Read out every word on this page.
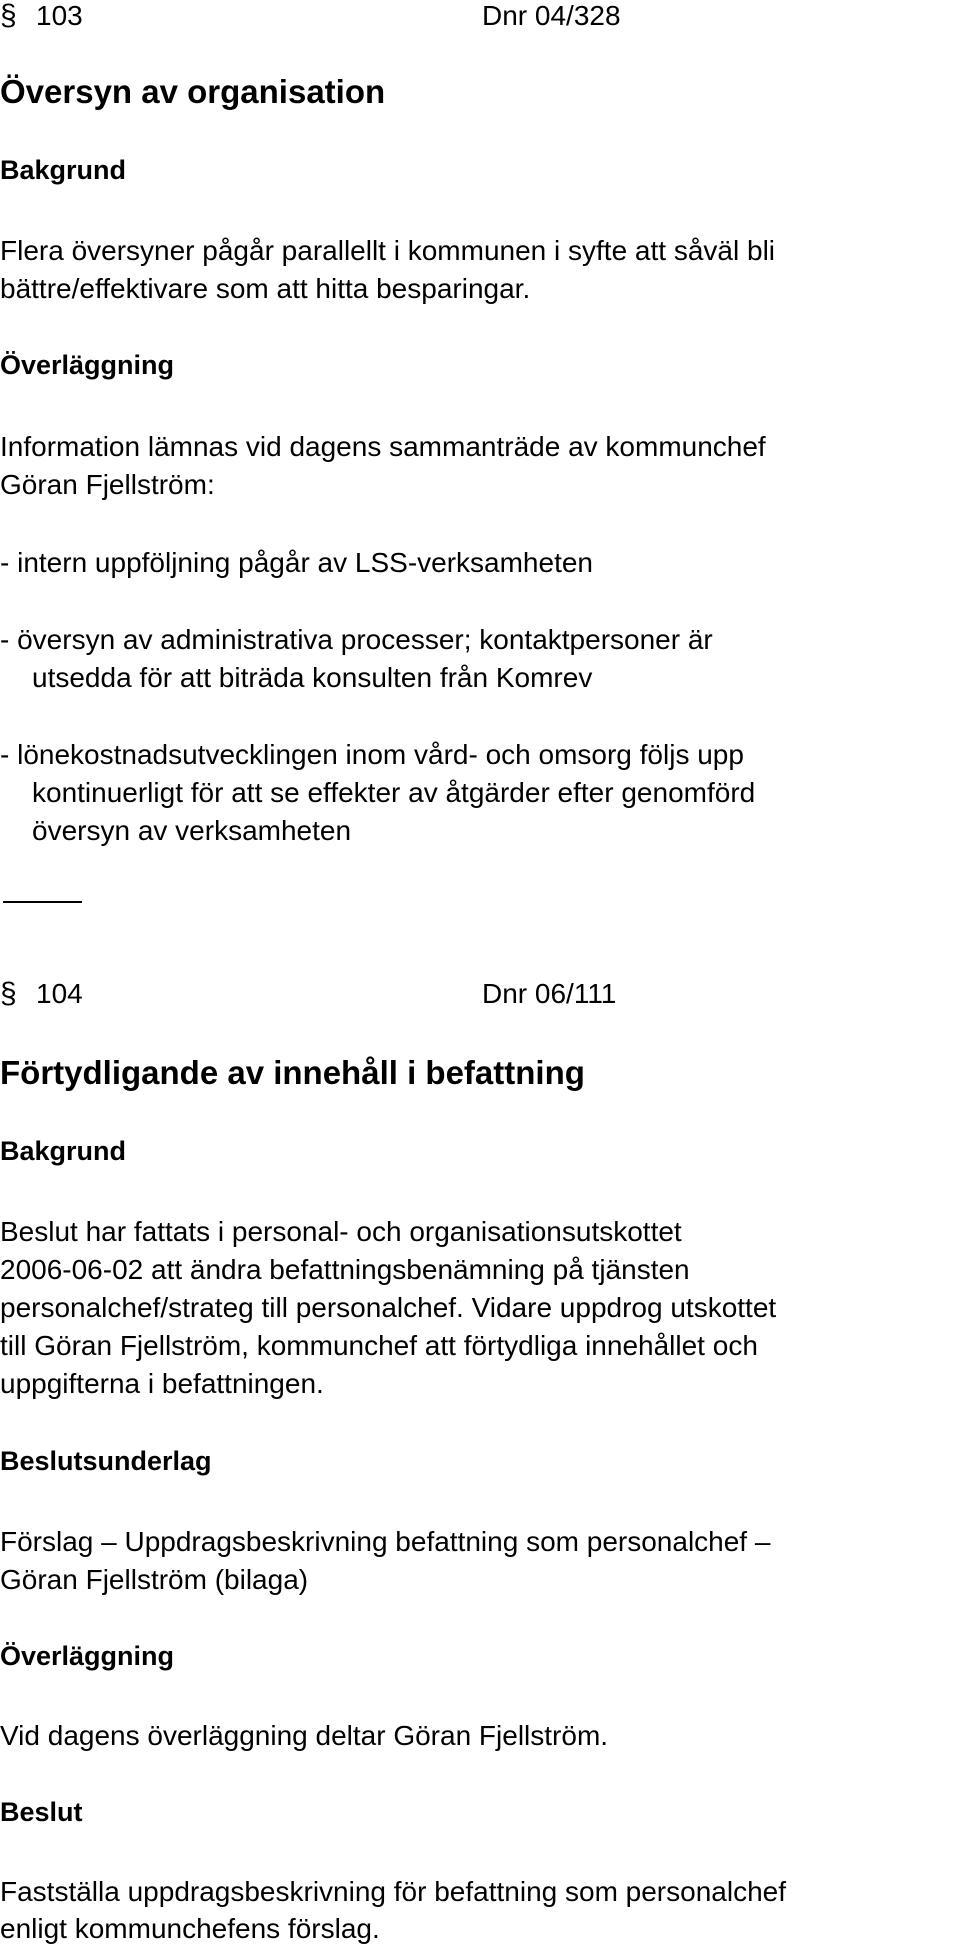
§ 103	Dnr 04/328
Översyn av organisation
Bakgrund

Flera översyner pågår parallellt i kommunen i syfte att såväl bli

bättre/effektivare som att hitta besparingar.

Överläggning

Information lämnas vid dagens sammanträde av kommunchef

Göran Fjellström:

- intern uppföljning pågår av LSS-verksamheten

- översyn av administrativa processer; kontaktpersoner är

utsedda för att biträda konsulten från Komrev

- lönekostnadsutvecklingen inom vård- och omsorg följs upp

kontinuerligt för att se effekter av åtgärder efter genomförd

översyn av verksamheten

§ 104	Dnr 06/111
Förtydligande av innehåll i befattning
Bakgrund

Beslut har fattats i personal- och organisationsutskottet

2006-06-02 att ändra befattningsbenämning på tjänsten

personalchef/strateg till personalchef. Vidare uppdrog utskottet

till Göran Fjellström, kommunchef att förtydliga innehållet och

uppgifterna i befattningen.

Beslutsunderlag

Förslag – Uppdragsbeskrivning befattning som personalchef –

Göran Fjellström (bilaga)

Överläggning

Vid dagens överläggning deltar Göran Fjellström.

Beslut

Fastställa uppdragsbeskrivning för befattning som personalchef

enligt kommunchefens förslag.
